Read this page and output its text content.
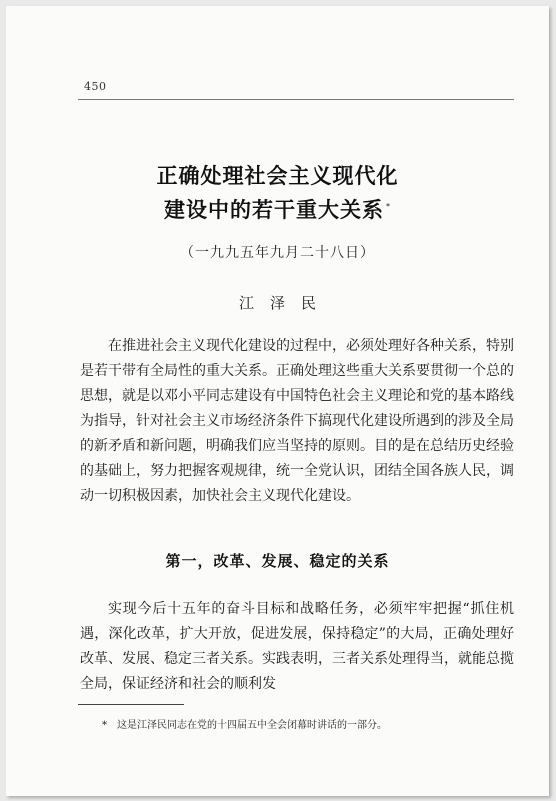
450
正确处理社会主义现代化
建设中的若干重大关系 *
（一九九五年九月二十八日）
江泽民

在推进社会主义现代化建设的过程中，必须处理好各种关系，特别是若干带有全局性的重大关系。正确处理这些重大关系要贯彻一个总的思想，就是以邓小平同志建设有中国特色社会主义理论和党的基本路线为指导，针对社会主义市场经济条件下搞现代化建设所遇到的涉及全局的新矛盾和新问题，明确我们应当坚持的原则。目的是在总结历史经验的基础上，努力把握客观规律，统一全党认识，团结全国各族人民，调动一切积极因素，加快社会主义现代化建设。

第一，改革、发展、稳定的关系

实现今后十五年的奋斗目标和战略任务，必须牢牢把握“抓住机遇，深化改革，扩大开放，促进发展，保持稳定”的大局，正确处理好改革、发展、稳定三者关系。实践表明，三者关系处理得当，就能总揽全局，保证经济和社会的顺利发

* 这是江泽民同志在党的十四届五中全会闭幕时讲话的一部分。
